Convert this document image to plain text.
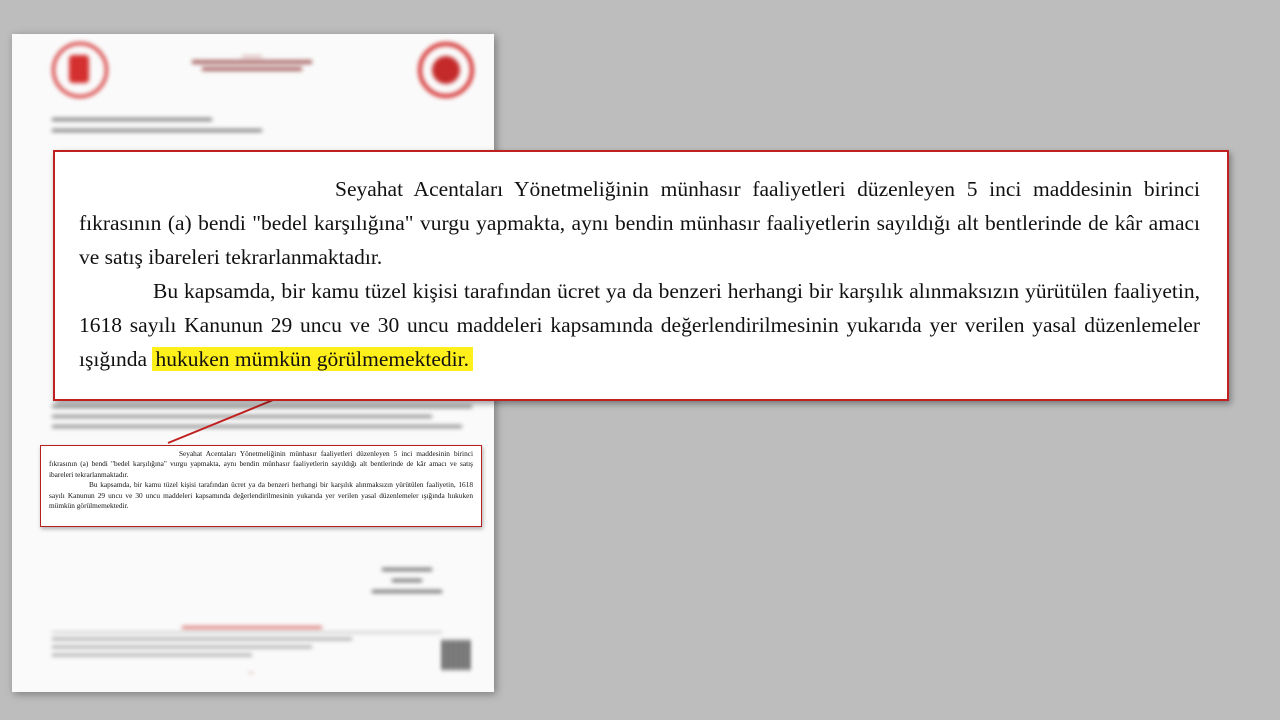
~

Seyahat Acentaları Yönetmeliğinin münhasır faaliyetleri düzenleyen 5 inci maddesinin birinci fıkrasının (a) bendi "bedel karşılığına" vurgu yapmakta, aynı bendin münhasır faaliyetlerin sayıldığı alt bentlerinde de kâr amacı ve satış ibareleri tekrarlanmaktadır.

Bu kapsamda, bir kamu tüzel kişisi tarafından ücret ya da benzeri herhangi bir karşılık alınmaksızın yürütülen faaliyetin, 1618 sayılı Kanunun 29 uncu ve 30 uncu maddeleri kapsamında değerlendirilmesinin yukarıda yer verilen yasal düzenlemeler ışığında hukuken mümkün görülmemektedir.

Seyahat Acentaları Yönetmeliğinin münhasır faaliyetleri düzenleyen 5 inci maddesinin birinci fıkrasının (a) bendi "bedel karşılığına" vurgu yapmakta, aynı bendin münhasır faaliyetlerin sayıldığı alt bentlerinde de kâr amacı ve satış ibareleri tekrarlanmaktadır.

Bu kapsamda, bir kamu tüzel kişisi tarafından ücret ya da benzeri herhangi bir karşılık alınmaksızın yürütülen faaliyetin, 1618 sayılı Kanunun 29 uncu ve 30 uncu maddeleri kapsamında değerlendirilmesinin yukarıda yer verilen yasal düzenlemeler ışığında hukuken mümkün görülmemektedir.
